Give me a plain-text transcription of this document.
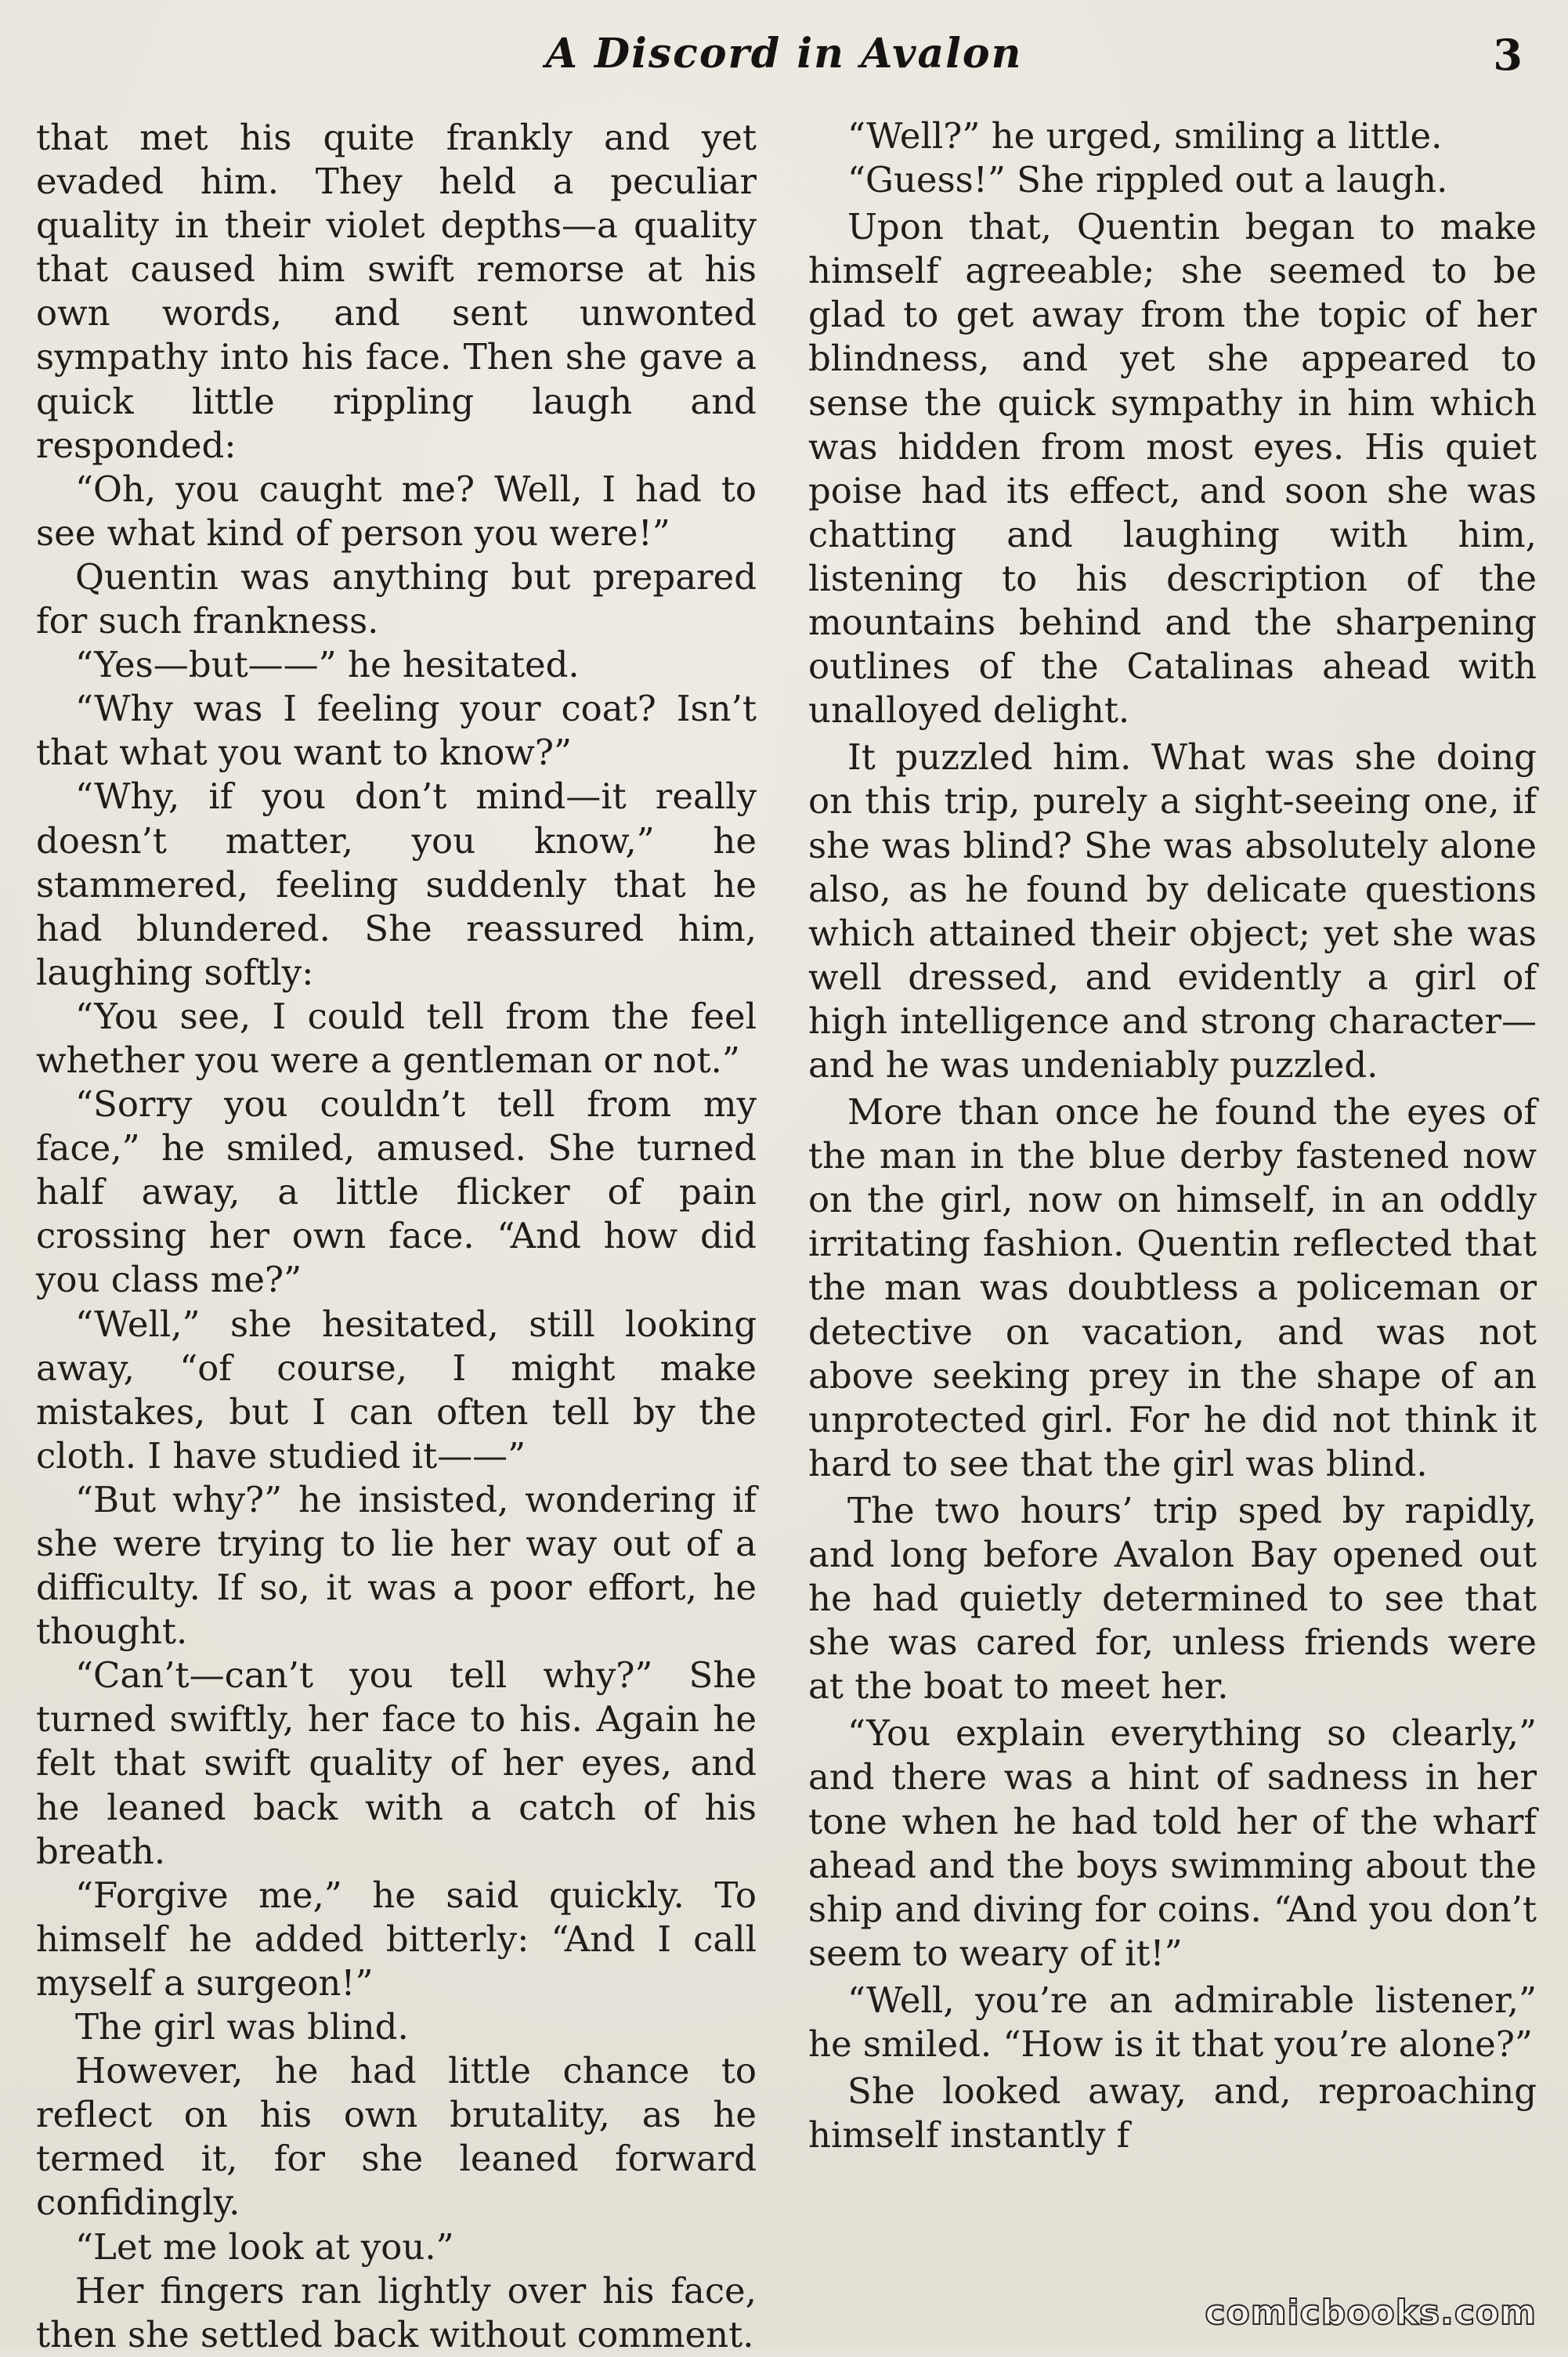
A Discord in Avalon	3

that met his quite frankly and yet evaded him. They held a peculiar quality in their violet depths—a quality that caused him swift remorse at his own words, and sent unwonted sympathy into his face. Then she gave a quick little rippling laugh and responded:

“Oh, you caught me? Well, I had to see what kind of person you were!”

Quentin was anything but prepared for such frankness.

“Yes—but——” he hesitated.

“Why was I feeling your coat? Isn’t that what you want to know?”

“Why, if you don’t mind—it really doesn’t matter, you know,” he stammered, feeling suddenly that he had blundered. She reassured him, laughing softly:

“You see, I could tell from the feel whether you were a gentleman or not.”

“Sorry you couldn’t tell from my face,” he smiled, amused. She turned half away, a little flicker of pain crossing her own face. “And how did you class me?”

“Well,” she hesitated, still looking away, “of course, I might make mistakes, but I can often tell by the cloth. I have studied it——”

“But why?” he insisted, wondering if she were trying to lie her way out of a difficulty. If so, it was a poor effort, he thought.

“Can’t—can’t you tell why?” She turned swiftly, her face to his. Again he felt that swift quality of her eyes, and he leaned back with a catch of his breath.

“Forgive me,” he said quickly. To himself he added bitterly: “And I call myself a surgeon!”

The girl was blind.

However, he had little chance to reflect on his own brutality, as he termed it, for she leaned forward confidingly.

“Let me look at you.”

Her fingers ran lightly over his face, then she settled back without comment.

“Well?” he urged, smiling a little.

“Guess!” She rippled out a laugh.

Upon that, Quentin began to make himself agreeable; she seemed to be glad to get away from the topic of her blindness, and yet she appeared to sense the quick sympathy in him which was hidden from most eyes. His quiet poise had its effect, and soon she was chatting and laughing with him, listening to his description of the mountains behind and the sharpening outlines of the Catalinas ahead with unalloyed delight.

It puzzled him. What was she doing on this trip, purely a sight-seeing one, if she was blind? She was absolutely alone also, as he found by delicate questions which attained their object; yet she was well dressed, and evidently a girl of high intelligence and strong character—and he was undeniably puzzled.

More than once he found the eyes of the man in the blue derby fastened now on the girl, now on himself, in an oddly irritating fashion. Quentin reflected that the man was doubtless a policeman or detective on vacation, and was not above seeking prey in the shape of an unprotected girl. For he did not think it hard to see that the girl was blind.

The two hours’ trip sped by rapidly, and long before Avalon Bay opened out he had quietly determined to see that she was cared for, unless friends were at the boat to meet her.

“You explain everything so clearly,” and there was a hint of sadness in her tone when he had told her of the wharf ahead and the boys swimming about the ship and diving for coins. “And you don’t seem to weary of it!”

“Well, you’re an admirable listener,” he smiled. “How is it that you’re alone?”

She looked away, and, reproaching himself instantly f

comicbooks.com
